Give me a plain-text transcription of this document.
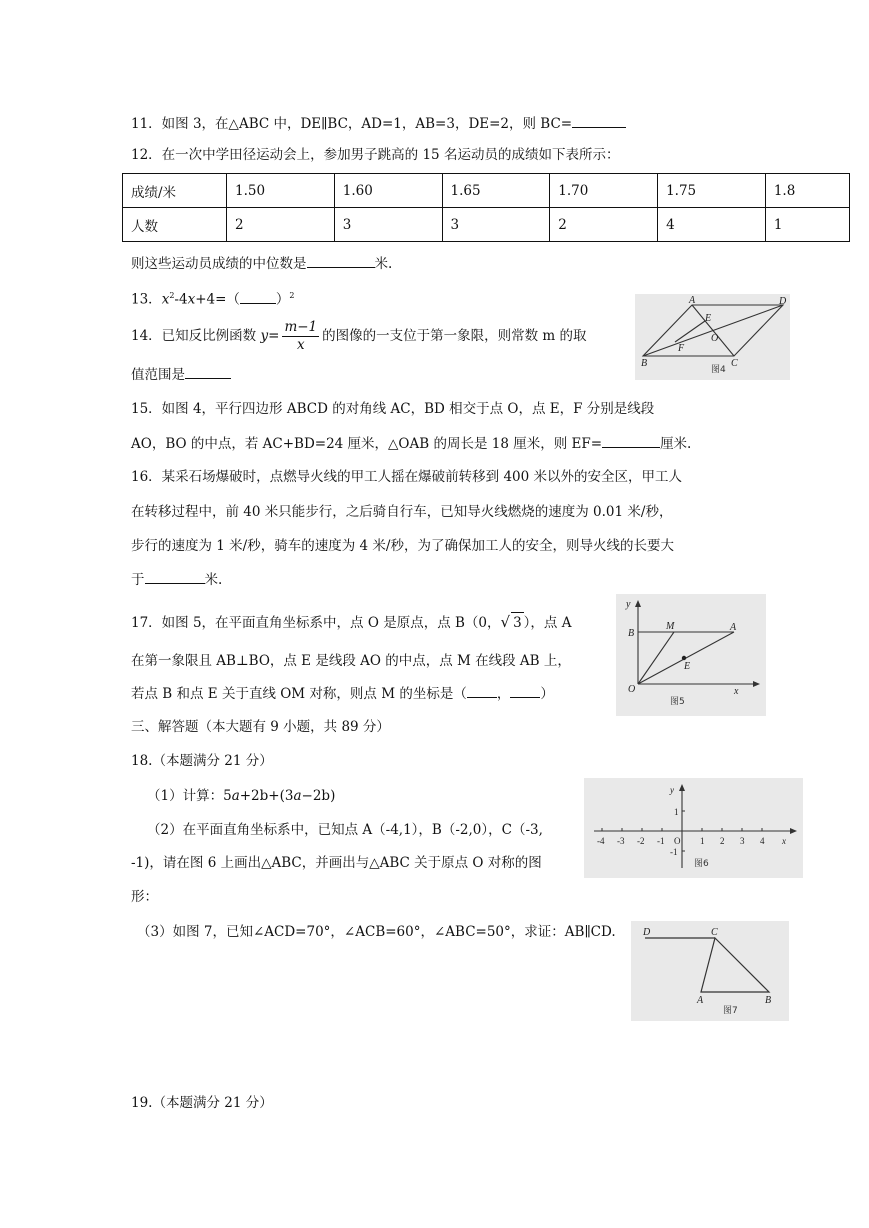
11．如图 3，在△ABC 中，DE∥BC，AD=1，AB=3，DE=2，则 BC=
12．在一次中学田径运动会上，参加男子跳高的 15 名运动员的成绩如下表所示：
成绩/米	1.50	1.60	1.65	1.70	1.75	1.8
人数	2	3	3	2	4	1
则这些运动员成绩的中位数是	米.
13．$x^2-4x+4=$（	）$^2$
14．已知反比例函数 $y= \frac{m-1}{x}$ 的图像的一支位于第一象限，则常数 m 的取
值范围是
A	D
E
O
F
B	C
图4
15．如图 4，平行四边形 ABCD 的对角线 AC，BD 相交于点 O，点 E，F 分别是线段
AO，BO 的中点，若 AC+BD=24 厘米，△OAB 的周长是 18 厘米，则 EF=	厘米.
16．某采石场爆破时，点燃导火线的甲工人摇在爆破前转移到 400 米以外的安全区，甲工人
在转移过程中，前 40 米只能步行，之后骑自行车，已知导火线燃烧的速度为 0.01 米/秒，
步行的速度为 1 米/秒，骑车的速度为 4 米/秒，为了确保加工人的安全，则导火线的长要大
于	米.
17．如图 5，在平面直角坐标系中，点 O 是原点，点 B（0，√ 3 ），点 A
在第一象限且 AB⊥BO，点 E 是线段 AO 的中点，点 M 在线段 AB 上，
若点 B 和点 E 关于直线 OM 对称，则点 M 的坐标是（ ， ）
y
B
M	A
E
O	x
图5
三、解答题（本大题有 9 小题，共 89 分）
18.（本题满分 21 分）
（1）计算：5a+2b+(3a−2b)
（2）在平面直角坐标系中，已知点 A（-4,1），B（-2,0），C（-3,
-1)，请在图 6 上画出△ABC，并画出与△ABC 关于原点 O 对称的图
形：
（3）如图 7，已知∠ACD=70°，∠ACB=60°，∠ABC=50°，求证：AB∥CD.
-4 -3 -2 -1 O 1 2 3 4 x
y
1
-1
图6
D	C
A	B
图7
19.（本题满分 21 分）
